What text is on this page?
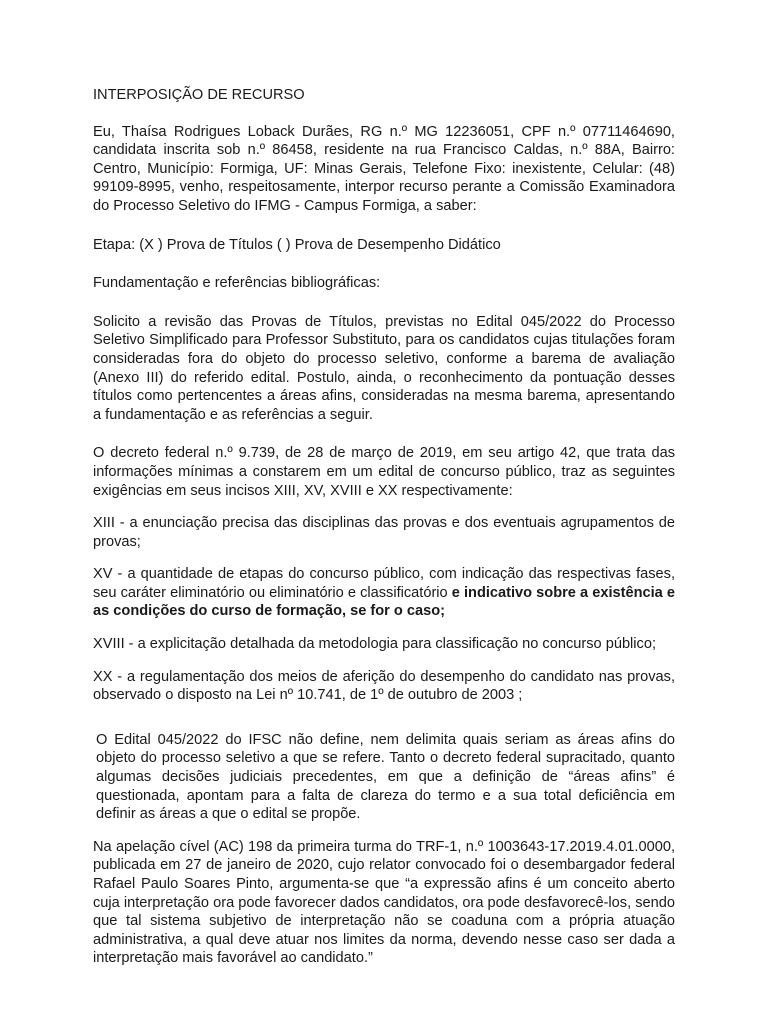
INTERPOSIÇÃO DE RECURSO

Eu, Thaísa Rodrigues Loback Durães, RG n.º MG 12236051, CPF n.º 07711464690, candidata inscrita sob n.º 86458, residente na rua Francisco Caldas, n.º 88A, Bairro: Centro, Município: Formiga, UF: Minas Gerais, Telefone Fixo: inexistente, Celular: (48) 99109-8995, venho, respeitosamente, interpor recurso perante a Comissão Examinadora do Processo Seletivo do IFMG - Campus Formiga, a saber:

Etapa: (X ) Prova de Títulos ( ) Prova de Desempenho Didático

Fundamentação e referências bibliográficas:

Solicito a revisão das Provas de Títulos, previstas no Edital 045/2022 do Processo Seletivo Simplificado para Professor Substituto, para os candidatos cujas titulações foram consideradas fora do objeto do processo seletivo, conforme a barema de avaliação (Anexo III) do referido edital. Postulo, ainda, o reconhecimento da pontuação desses títulos como pertencentes a áreas afins, consideradas na mesma barema, apresentando a fundamentação e as referências a seguir.

O decreto federal n.º 9.739, de 28 de março de 2019, em seu artigo 42, que trata das informações mínimas a constarem em um edital de concurso público, traz as seguintes exigências em seus incisos XIII, XV, XVIII e XX respectivamente:

XIII - a enunciação precisa das disciplinas das provas e dos eventuais agrupamentos de provas;

XV - a quantidade de etapas do concurso público, com indicação das respectivas fases, seu caráter eliminatório ou eliminatório e classificatório e indicativo sobre a existência e as condições do curso de formação, se for o caso;

XVIII - a explicitação detalhada da metodologia para classificação no concurso público;

XX - a regulamentação dos meios de aferição do desempenho do candidato nas provas, observado o disposto na Lei nº 10.741, de 1º de outubro de 2003 ;

O Edital 045/2022 do IFSC não define, nem delimita quais seriam as áreas afins do objeto do processo seletivo a que se refere. Tanto o decreto federal supracitado, quanto algumas decisões judiciais precedentes, em que a definição de “áreas afins” é questionada, apontam para a falta de clareza do termo e a sua total deficiência em definir as áreas a que o edital se propõe.

Na apelação cível (AC) 198 da primeira turma do TRF-1, n.º 1003643-17.2019.4.01.0000, publicada em 27 de janeiro de 2020, cujo relator convocado foi o desembargador federal Rafael Paulo Soares Pinto, argumenta-se que “a expressão afins é um conceito aberto cuja interpretação ora pode favorecer dados candidatos, ora pode desfavorecê-los, sendo que tal sistema subjetivo de interpretação não se coaduna com a própria atuação administrativa, a qual deve atuar nos limites da norma, devendo nesse caso ser dada a interpretação mais favorável ao candidato.”
